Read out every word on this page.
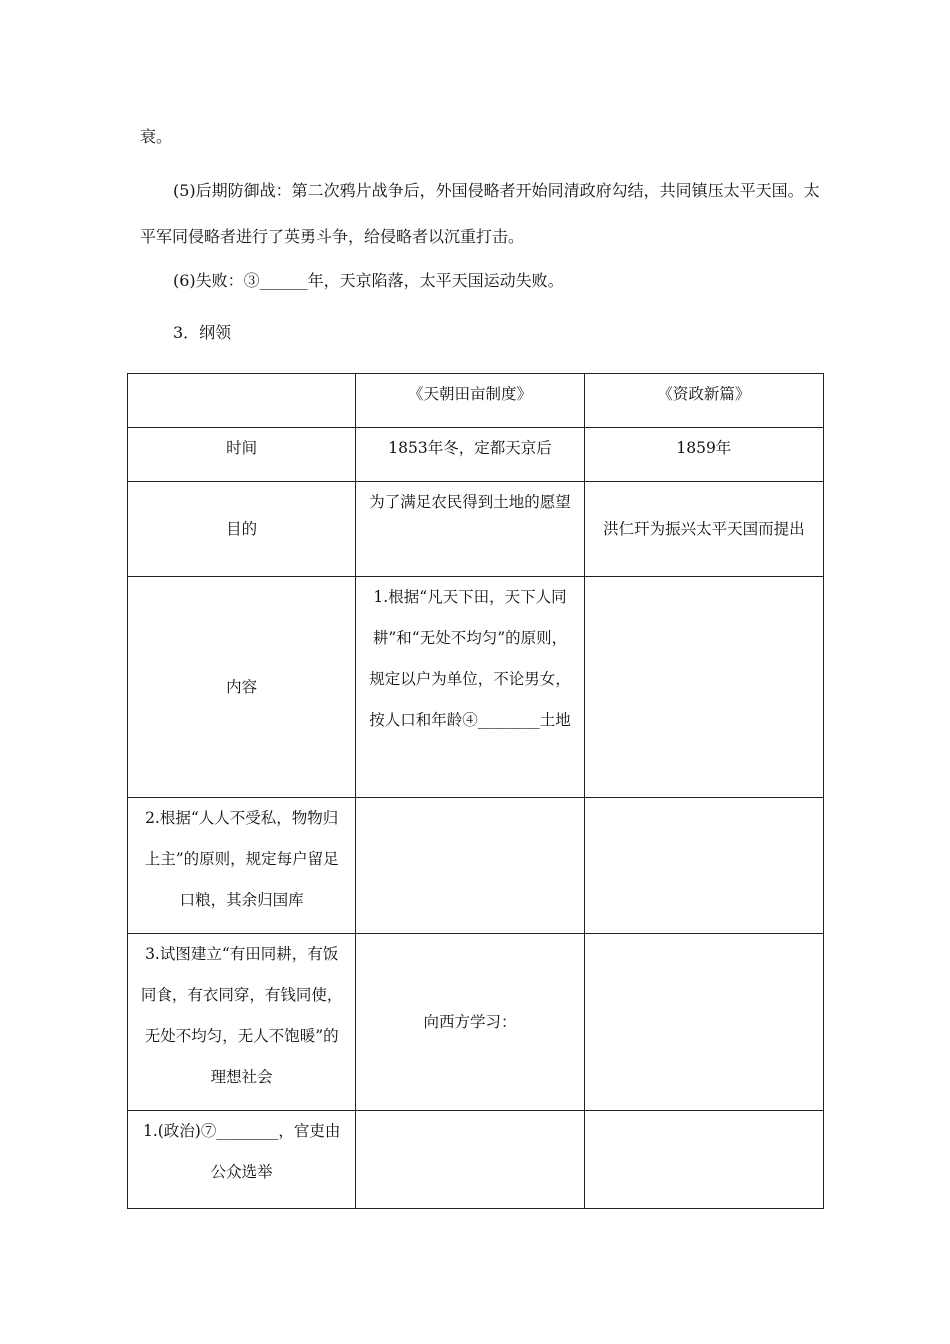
衰。

(5)后期防御战：第二次鸦片战争后，外国侵略者开始同清政府勾结，共同镇压太平天国。太平军同侵略者进行了英勇斗争，给侵略者以沉重打击。

(6)失败：③______年，天京陷落，太平天国运动失败。

3．纲领

	《天朝田亩制度》	《资政新篇》
时间	1853年冬，定都天京后	1859年
目的	为了满足农民得到土地的愿望	洪仁玕为振兴太平天国而提出
内容	1.根据“凡天下田，天下人同耕”和“无处不均匀”的原则，规定以户为单位，不论男女，按人口和年龄④________土地	
2.根据“人人不受私，物物归上主”的原则，规定每户留足口粮，其余归国库		
3.试图建立“有田同耕，有饭同食，有衣同穿，有钱同使，无处不均匀，无人不饱暖”的理想社会	向西方学习：	
1.(政治)⑦________，官吏由公众选举		
